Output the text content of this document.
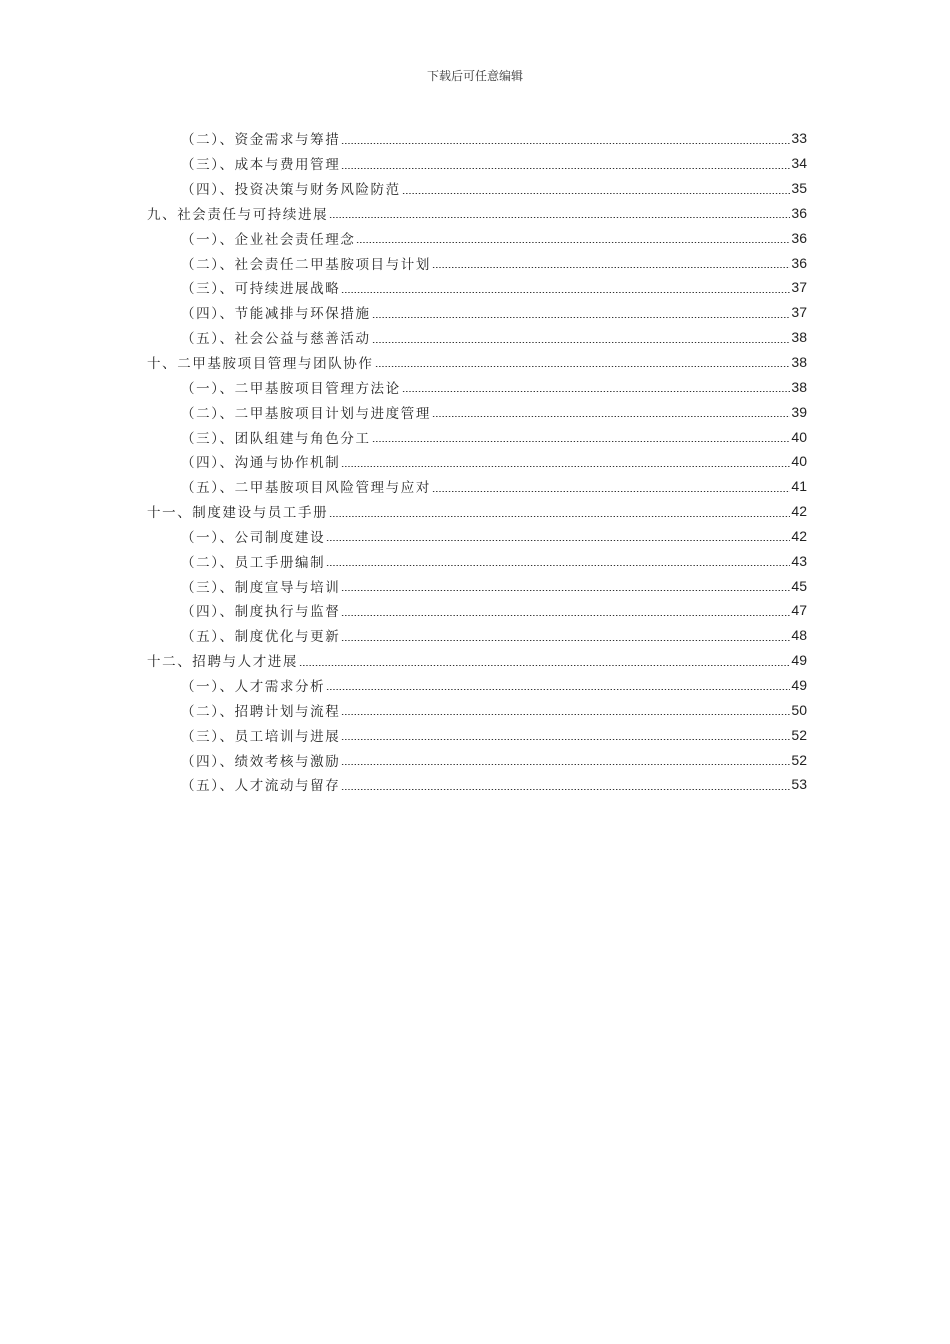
下载后可任意编辑
（二）、资金需求与筹措	33
（三）、成本与费用管理	34
（四）、投资决策与财务风险防范	35
九、社会责任与可持续进展	36
（一）、企业社会责任理念	36
（二）、社会责任二甲基胺项目与计划	36
（三）、可持续进展战略	37
（四）、节能减排与环保措施	37
（五）、社会公益与慈善活动	38
十、二甲基胺项目管理与团队协作	38
（一）、二甲基胺项目管理方法论	38
（二）、二甲基胺项目计划与进度管理	39
（三）、团队组建与角色分工	40
（四）、沟通与协作机制	40
（五）、二甲基胺项目风险管理与应对	41
十一、制度建设与员工手册	42
（一）、公司制度建设	42
（二）、员工手册编制	43
（三）、制度宣导与培训	45
（四）、制度执行与监督	47
（五）、制度优化与更新	48
十二、招聘与人才进展	49
（一）、人才需求分析	49
（二）、招聘计划与流程	50
（三）、员工培训与进展	52
（四）、绩效考核与激励	52
（五）、人才流动与留存	53
